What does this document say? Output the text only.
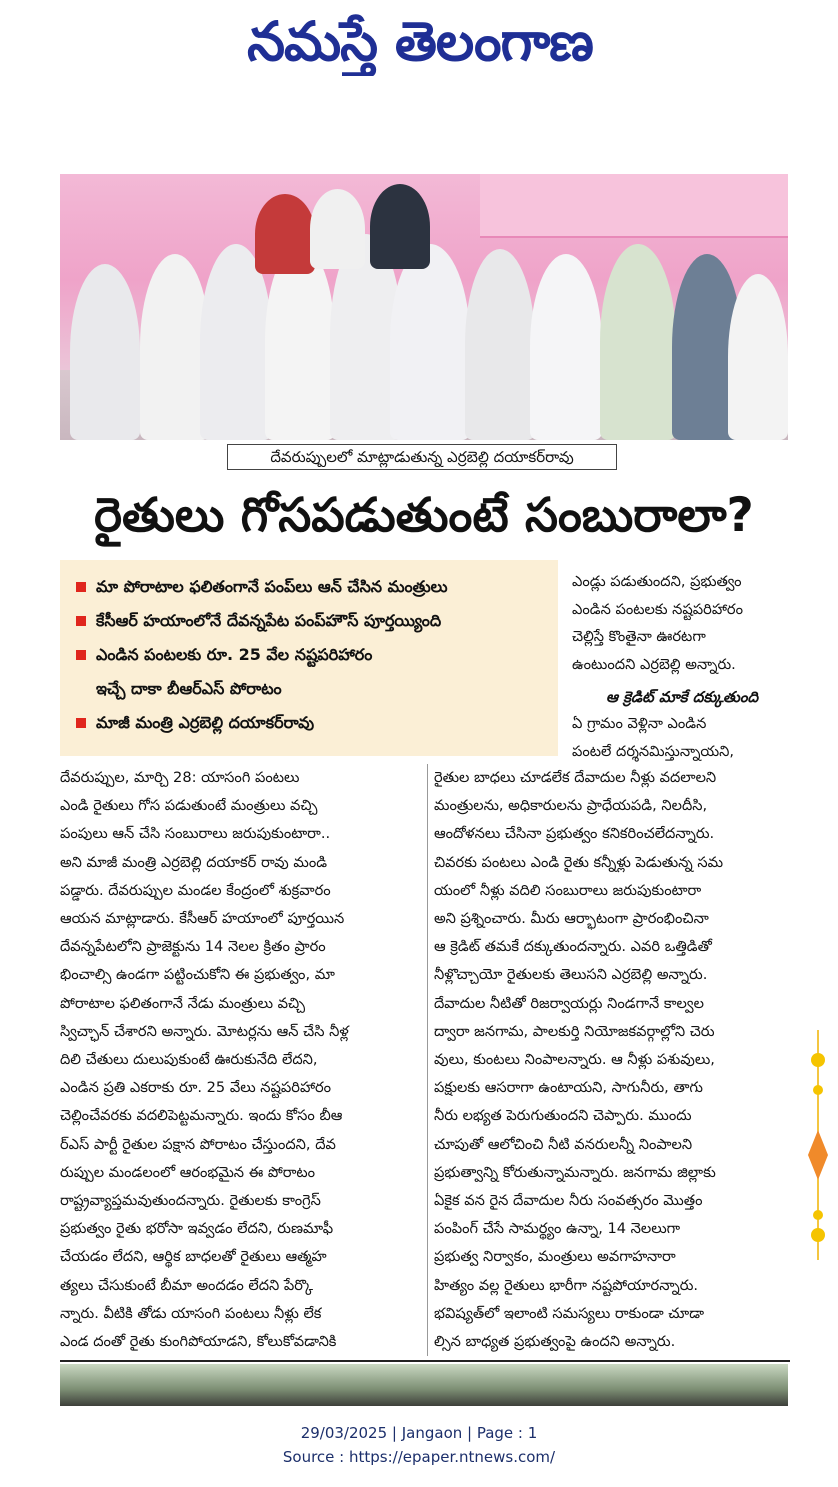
నమస్తే తెలంగాణ
దేవరుప్పులలో మాట్లాడుతున్న ఎర్రబెల్లి దయాకర్‌రావు
రైతులు గోసపడుతుంటే సంబురాలా?
మా పోరాటాల ఫలితంగానే పంప్‌లు ఆన్ చేసిన మంత్రులు
కేసీఆర్ హయాంలోనే దేవన్నపేట పంప్‌హౌస్ పూర్తయ్యింది
ఎండిన పంటలకు రూ. 25 వేల నష్టపరిహారం
ఇచ్చే దాకా బీఆర్ఎస్ పోరాటం
మాజీ మంత్రి ఎర్రబెల్లి దయాకర్‌రావు
ఎండ్లు పడుతుందని, ప్రభుత్వం
ఎండిన పంటలకు నష్టపరిహారం
చెల్లిస్తే కొంతైనా ఊరటగా
ఉంటుందని ఎర్రబెల్లి అన్నారు.
ఆ క్రెడిట్ మాకే దక్కుతుంది
ఏ గ్రామం వెళ్లినా ఎండిన
పంటలే దర్శనమిస్తున్నాయని,
దేవరుప్పుల, మార్చి 28: యాసంగి పంటలు
ఎండి రైతులు గోస పడుతుంటే మంత్రులు వచ్చి
పంపులు ఆన్ చేసి సంబురాలు జరుపుకుంటారా..
అని మాజీ మంత్రి ఎర్రబెల్లి దయాకర్ రావు మండి
పడ్డారు. దేవరుప్పుల మండల కేంద్రంలో శుక్రవారం
ఆయన మాట్లాడారు. కేసీఆర్ హయాంలో పూర్తయిన
దేవన్నపేటలోని ప్రాజెక్టును 14 నెలల క్రితం ప్రారం
భించాల్సి ఉండగా పట్టించుకోని ఈ ప్రభుత్వం, మా
పోరాటాల ఫలితంగానే నేడు మంత్రులు వచ్చి
స్విచ్ఛాన్ చేశారని అన్నారు. మోటర్లను ఆన్ చేసి నీళ్ల
దిలి చేతులు దులుపుకుంటే ఊరుకునేది లేదని,
ఎండిన ప్రతి ఎకరాకు రూ. 25 వేలు నష్టపరిహారం
చెల్లించేవరకు వదలిపెట్టమన్నారు. ఇందు కోసం బీఆ
ర్ఎస్ పార్టీ రైతుల పక్షాన పోరాటం చేస్తుందని, దేవ
రుప్పుల మండలంలో ఆరంభమైన ఈ పోరాటం
రాష్ట్రవ్యాప్తమవుతుందన్నారు. రైతులకు కాంగ్రెస్
ప్రభుత్వం రైతు భరోసా ఇవ్వడం లేదని, రుణమాఫీ
చేయడం లేదని, ఆర్థిక బాధలతో రైతులు ఆత్మహ
త్యలు చేసుకుంటే బీమా అందడం లేదని పేర్కొ
న్నారు. వీటికి తోడు యాసంగి పంటలు నీళ్లు లేక
ఎండ దంతో రైతు కుంగిపోయాడని, కోలుకోవడానికి
రైతుల బాధలు చూడలేక దేవాదుల నీళ్లు వదలాలని
మంత్రులను, అధికారులను ప్రాధేయపడి, నిలదీసి,
ఆందోళనలు చేసినా ప్రభుత్వం కనికరించలేదన్నారు.
చివరకు పంటలు ఎండి రైతు కన్నీళ్లు పెడుతున్న సమ
యంలో నీళ్లు వదిలి సంబురాలు జరుపుకుంటారా
అని ప్రశ్నించారు. మీరు ఆర్భాటంగా ప్రారంభించినా
ఆ క్రెడిట్ తమకే దక్కుతుందన్నారు. ఎవరి ఒత్తిడితో
నీళ్లొచ్చాయో రైతులకు తెలుసని ఎర్రబెల్లి అన్నారు.
దేవాదుల నీటితో రిజర్వాయర్లు నిండగానే కాల్వల
ద్వారా జనగామ, పాలకుర్తి నియోజకవర్గాల్లోని చెరు
వులు, కుంటలు నింపాలన్నారు. ఆ నీళ్లు పశువులు,
పక్షులకు ఆసరాగా ఉంటాయని, సాగునీరు, తాగు
నీరు లభ్యత పెరుగుతుందని చెప్పారు. ముందు
చూపుతో ఆలోచించి నీటి వనరులన్నీ నింపాలని
ప్రభుత్వాన్ని కోరుతున్నామన్నారు. జనగామ జిల్లాకు
ఏకైక వన రైన దేవాదుల నీరు సంవత్సరం మొత్తం
పంపింగ్ చేసే సామర్థ్యం ఉన్నా, 14 నెలలుగా
ప్రభుత్వ నిర్వాకం, మంత్రులు అవగాహనారా
హిత్యం వల్ల రైతులు భారీగా నష్టపోయారన్నారు.
భవిష్యత్‌లో ఇలాంటి సమస్యలు రాకుండా చూడా
ల్సిన బాధ్యత ప్రభుత్వంపై ఉందని అన్నారు.
29/03/2025 | Jangaon | Page : 1
Source : https://epaper.ntnews.com/
